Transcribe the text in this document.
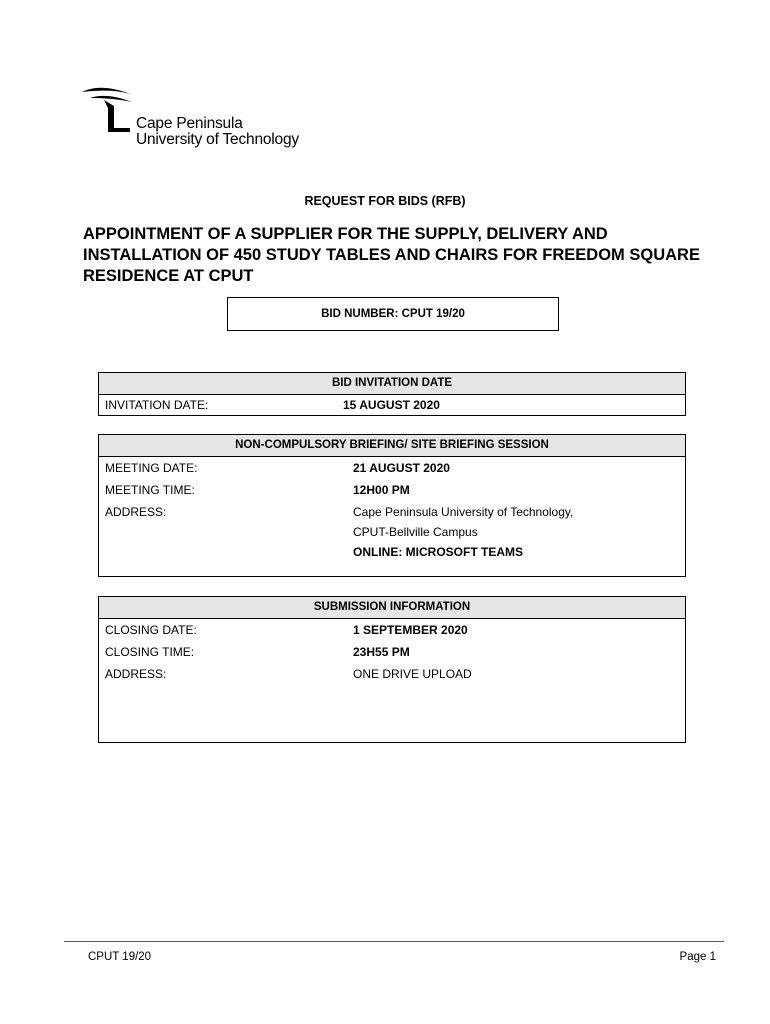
Cape Peninsula
University of Technology
REQUEST FOR BIDS (RFB)
APPOINTMENT OF A SUPPLIER FOR THE SUPPLY, DELIVERY AND INSTALLATION OF 450 STUDY TABLES AND CHAIRS FOR FREEDOM SQUARE RESIDENCE AT CPUT
BID NUMBER: CPUT 19/20
BID INVITATION DATE
INVITATION DATE:	15 AUGUST 2020
NON-COMPULSORY BRIEFING/ SITE BRIEFING SESSION
MEETING DATE:	21 AUGUST 2020
MEETING TIME:	12H00 PM
ADDRESS:	Cape Peninsula University of Technology,
CPUT-Bellville Campus
ONLINE: MICROSOFT TEAMS
SUBMISSION INFORMATION
CLOSING DATE:	1 SEPTEMBER 2020
CLOSING TIME:	23H55 PM
ADDRESS:	ONE DRIVE UPLOAD
CPUT 19/20	Page 1
